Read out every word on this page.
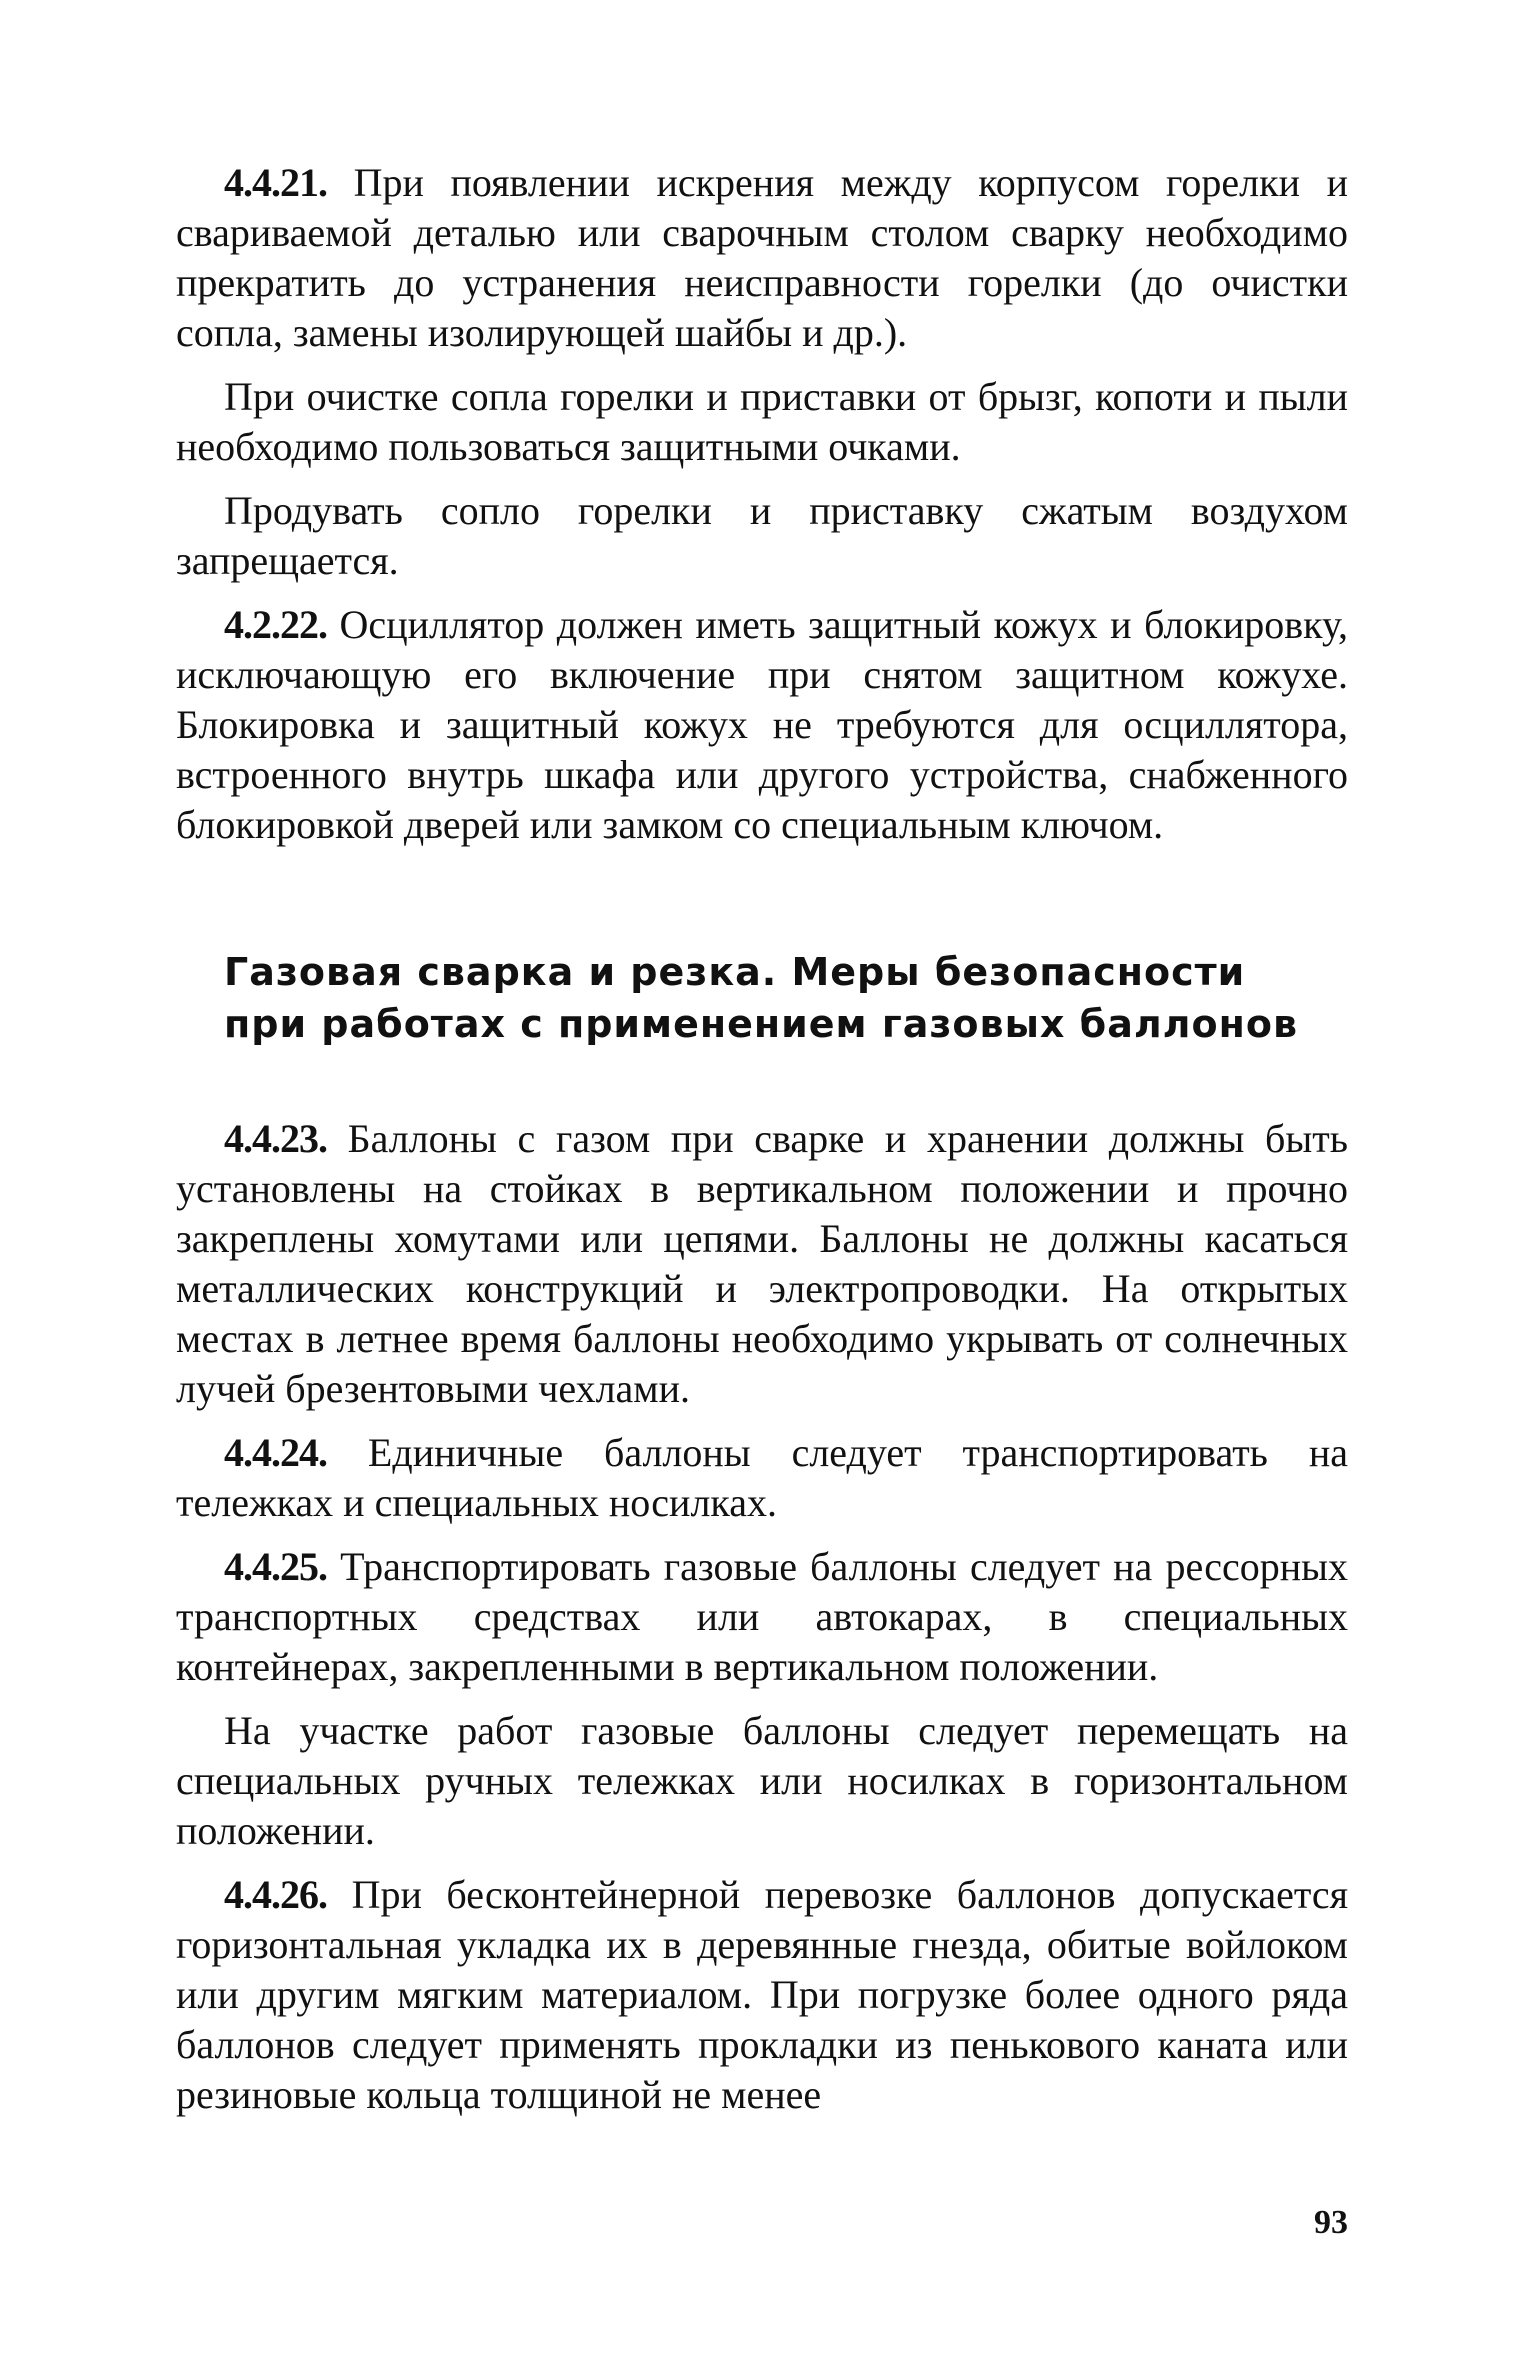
4.4.21. При появлении искрения между корпусом горелки и свариваемой деталью или сварочным столом сварку необходимо прекратить до устранения неисправности горелки (до очистки сопла, замены изолирующей шайбы и др.).

При очистке сопла горелки и приставки от брызг, копоти и пыли необходимо пользоваться защитными очками.

Продувать сопло горелки и приставку сжатым воздухом запрещается.

4.2.22. Осциллятор должен иметь защитный кожух и блокировку, исключающую его включение при снятом защитном кожухе. Блокировка и защитный кожух не требуются для осциллятора, встроенного внутрь шкафа или другого устройства, снабженного блокировкой дверей или замком со специальным ключом.

Газовая сварка и резка. Меры безопасности
при работах с применением газовых баллонов

4.4.23. Баллоны с газом при сварке и хранении должны быть установлены на стойках в вертикальном положении и прочно закреплены хомутами или цепями. Баллоны не должны касаться металлических конструкций и электропроводки. На открытых местах в летнее время баллоны необходимо укрывать от солнечных лучей брезентовыми чехлами.

4.4.24. Единичные баллоны следует транспортировать на тележках и специальных носилках.

4.4.25. Транспортировать газовые баллоны следует на рессорных транспортных средствах или автокарах, в специальных контейнерах, закрепленными в вертикальном положении.

На участке работ газовые баллоны следует перемещать на специальных ручных тележках или носилках в горизонтальном положении.

4.4.26. При бесконтейнерной перевозке баллонов допускается горизонтальная укладка их в деревянные гнезда, обитые войлоком или другим мягким материалом. При погрузке более одного ряда баллонов следует применять прокладки из пенькового каната или резиновые кольца толщиной не менее

93
